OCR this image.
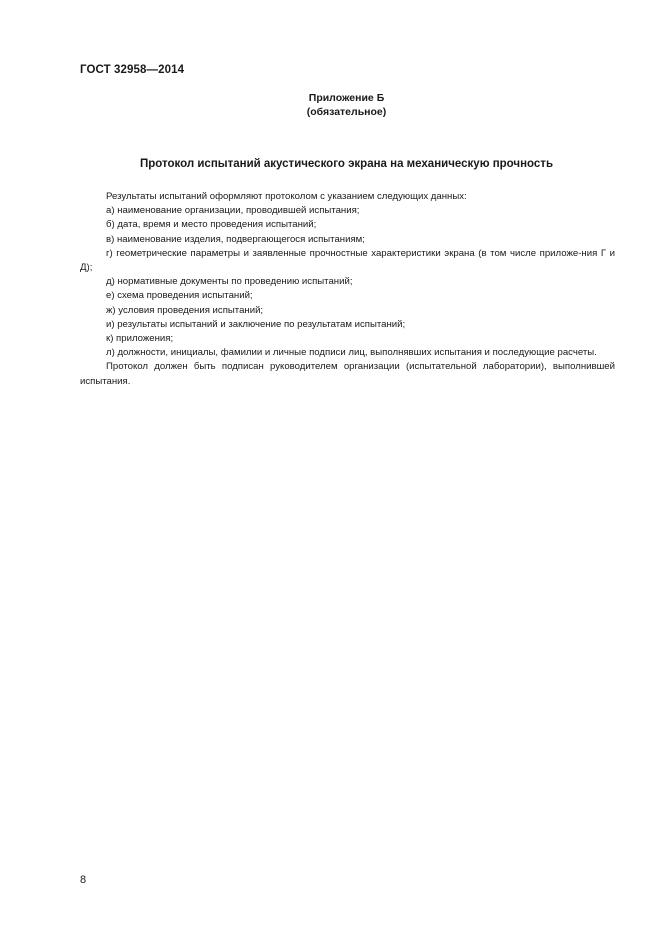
ГОСТ 32958—2014
Приложение Б
(обязательное)
Протокол испытаний акустического экрана на механическую прочность

Результаты испытаний оформляют протоколом с указанием следующих данных:

а) наименование организации, проводившей испытания;

б) дата, время и место проведения испытаний;

в) наименование изделия, подвергающегося испытаниям;

г) геометрические параметры и заявленные прочностные характеристики экрана (в том числе приложе-ния Г и Д);

д) нормативные документы по проведению испытаний;

е) схема проведения испытаний;

ж) условия проведения испытаний;

и) результаты испытаний и заключение по результатам испытаний;

к) приложения;

л) должности, инициалы, фамилии и личные подписи лиц, выполнявших испытания и последующие расчеты.

Протокол должен быть подписан руководителем организации (испытательной лаборатории), выполнившей испытания.

8
